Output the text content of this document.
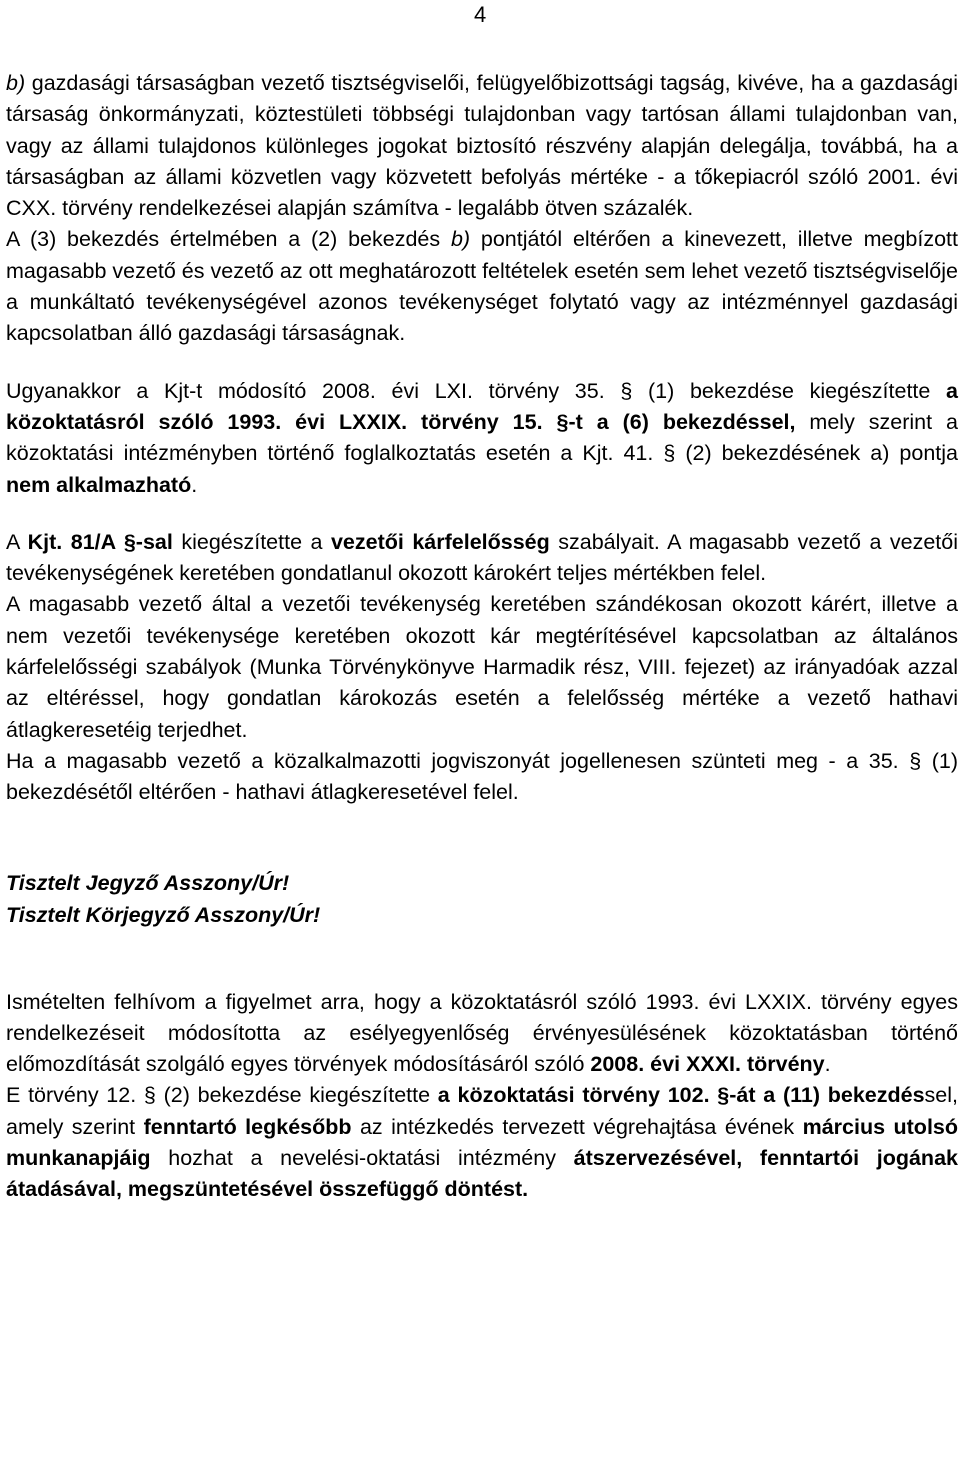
4

b) gazdasági társaságban vezető tisztségviselői, felügyelőbizottsági tagság, kivéve, ha a gazdasági társaság önkormányzati, köztestületi többségi tulajdonban vagy tartósan állami tulajdonban van, vagy az állami tulajdonos különleges jogokat biztosító részvény alapján delegálja, továbbá, ha a társaságban az állami közvetlen vagy közvetett befolyás mértéke - a tőkepiacról szóló 2001. évi CXX. törvény rendelkezései alapján számítva - legalább ötven százalék.

A (3) bekezdés értelmében a (2) bekezdés b) pontjától eltérően a kinevezett, illetve megbízott magasabb vezető és vezető az ott meghatározott feltételek esetén sem lehet vezető tisztségviselője a munkáltató tevékenységével azonos tevékenységet folytató vagy az intézménnyel gazdasági kapcsolatban álló gazdasági társaságnak.

Ugyanakkor a Kjt-t módosító 2008. évi LXI. törvény 35. § (1) bekezdése kiegészítette a közoktatásról szóló 1993. évi LXXIX. törvény 15. §-t a (6) bekezdéssel, mely szerint a közoktatási intézményben történő foglalkoztatás esetén a Kjt. 41. § (2) bekezdésének a) pontja nem alkalmazható.

A Kjt. 81/A §-sal kiegészítette a vezetői kárfelelősség szabályait. A magasabb vezető a vezetői tevékenységének keretében gondatlanul okozott károkért teljes mértékben felel.

A magasabb vezető által a vezetői tevékenység keretében szándékosan okozott kárért, illetve a nem vezetői tevékenysége keretében okozott kár megtérítésével kapcsolatban az általános kárfelelősségi szabályok (Munka Törvénykönyve Harmadik rész, VIII. fejezet) az irányadóak azzal az eltéréssel, hogy gondatlan károkozás esetén a felelősség mértéke a vezető hathavi átlagkeresetéig terjedhet.

Ha a magasabb vezető a közalkalmazotti jogviszonyát jogellenesen szünteti meg - a 35. § (1) bekezdésétől eltérően - hathavi átlagkeresetével felel.

Tisztelt Jegyző Asszony/Úr!
Tisztelt Körjegyző Asszony/Úr!

Ismételten felhívom a figyelmet arra, hogy a közoktatásról szóló 1993. évi LXXIX. törvény egyes rendelkezéseit módosította az esélyegyenlőség érvényesülésének közoktatásban történő előmozdítását szolgáló egyes törvények módosításáról szóló 2008. évi XXXI. törvény.

E törvény 12. § (2) bekezdése kiegészítette a közoktatási törvény 102. §-át a (11) bekezdéssel, amely szerint fenntartó legkésőbb az intézkedés tervezett végrehajtása évének március utolsó munkanapjáig hozhat a nevelési-oktatási intézmény átszervezésével, fenntartói jogának átadásával, megszüntetésével összefüggő döntést.
